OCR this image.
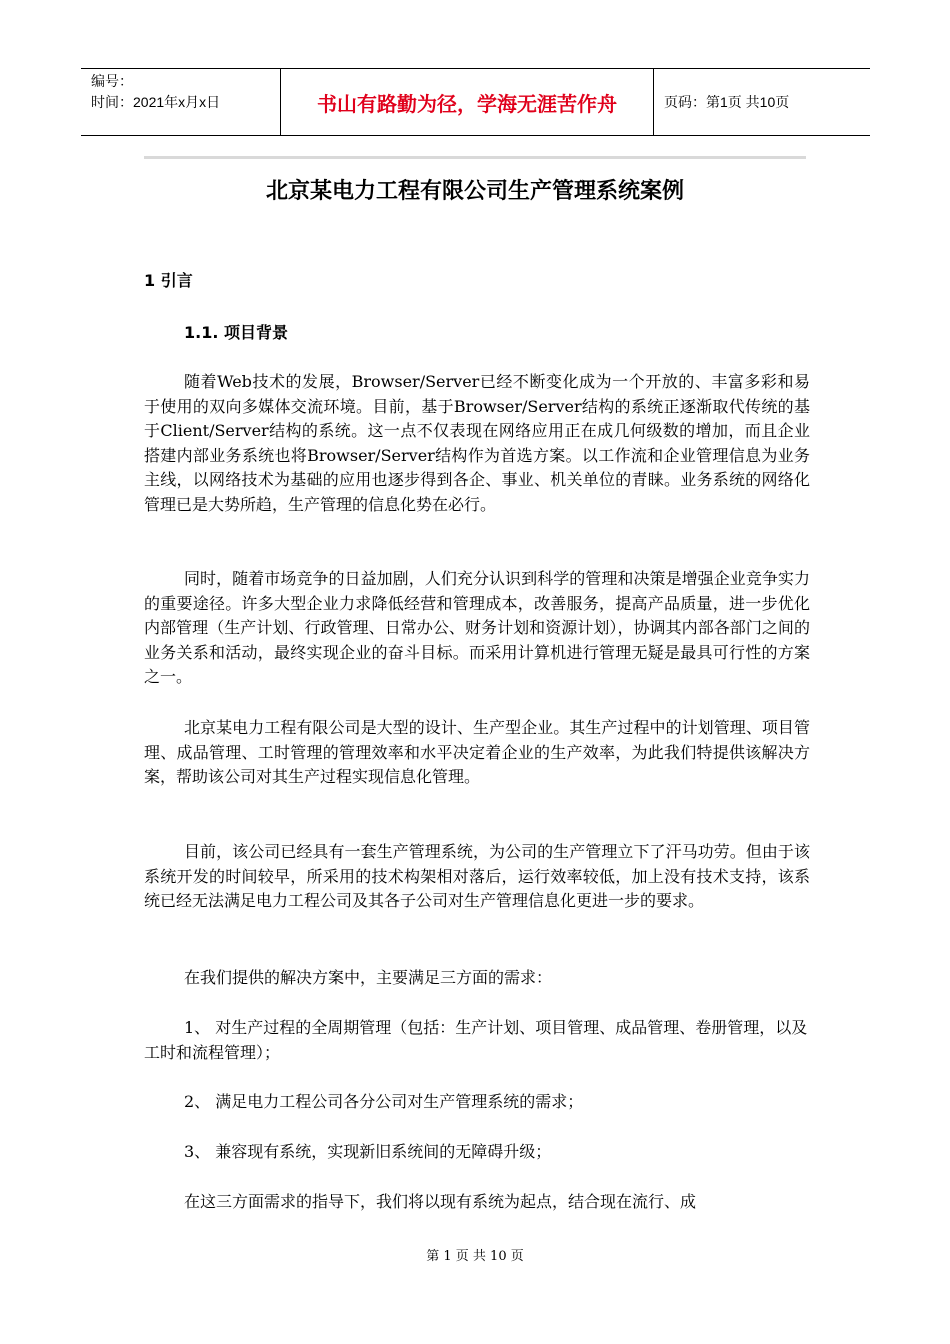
编号：
时间：2021年x月x日	书山有路勤为径，学海无涯苦作舟	页码：第1页 共10页
北京某电力工程有限公司生产管理系统案例
1 引言
1.1. 项目背景

随着Web技术的发展，Browser/Server已经不断变化成为一个开放的、丰富多彩和易于使用的双向多媒体交流环境。目前，基于Browser/Server结构的系统正逐渐取代传统的基于Client/Server结构的系统。这一点不仅表现在网络应用正在成几何级数的增加，而且企业搭建内部业务系统也将Browser/Server结构作为首选方案。以工作流和企业管理信息为业务主线，以网络技术为基础的应用也逐步得到各企、事业、机关单位的青睐。业务系统的网络化管理已是大势所趋，生产管理的信息化势在必行。

同时，随着市场竞争的日益加剧，人们充分认识到科学的管理和决策是增强企业竞争实力的重要途径。许多大型企业力求降低经营和管理成本，改善服务，提高产品质量，进一步优化内部管理（生产计划、行政管理、日常办公、财务计划和资源计划），协调其内部各部门之间的业务关系和活动，最终实现企业的奋斗目标。而采用计算机进行管理无疑是最具可行性的方案之一。

北京某电力工程有限公司是大型的设计、生产型企业。其生产过程中的计划管理、项目管理、成品管理、工时管理的管理效率和水平决定着企业的生产效率，为此我们特提供该解决方案，帮助该公司对其生产过程实现信息化管理。

目前，该公司已经具有一套生产管理系统，为公司的生产管理立下了汗马功劳。但由于该系统开发的时间较早，所采用的技术构架相对落后，运行效率较低，加上没有技术支持，该系统已经无法满足电力工程公司及其各子公司对生产管理信息化更进一步的要求。

在我们提供的解决方案中，主要满足三方面的需求：

1、 对生产过程的全周期管理（包括：生产计划、项目管理、成品管理、卷册管理，以及工时和流程管理）；

2、 满足电力工程公司各分公司对生产管理系统的需求；

3、 兼容现有系统，实现新旧系统间的无障碍升级；

在这三方面需求的指导下，我们将以现有系统为起点，结合现在流行、成

第 1 页 共 10 页
